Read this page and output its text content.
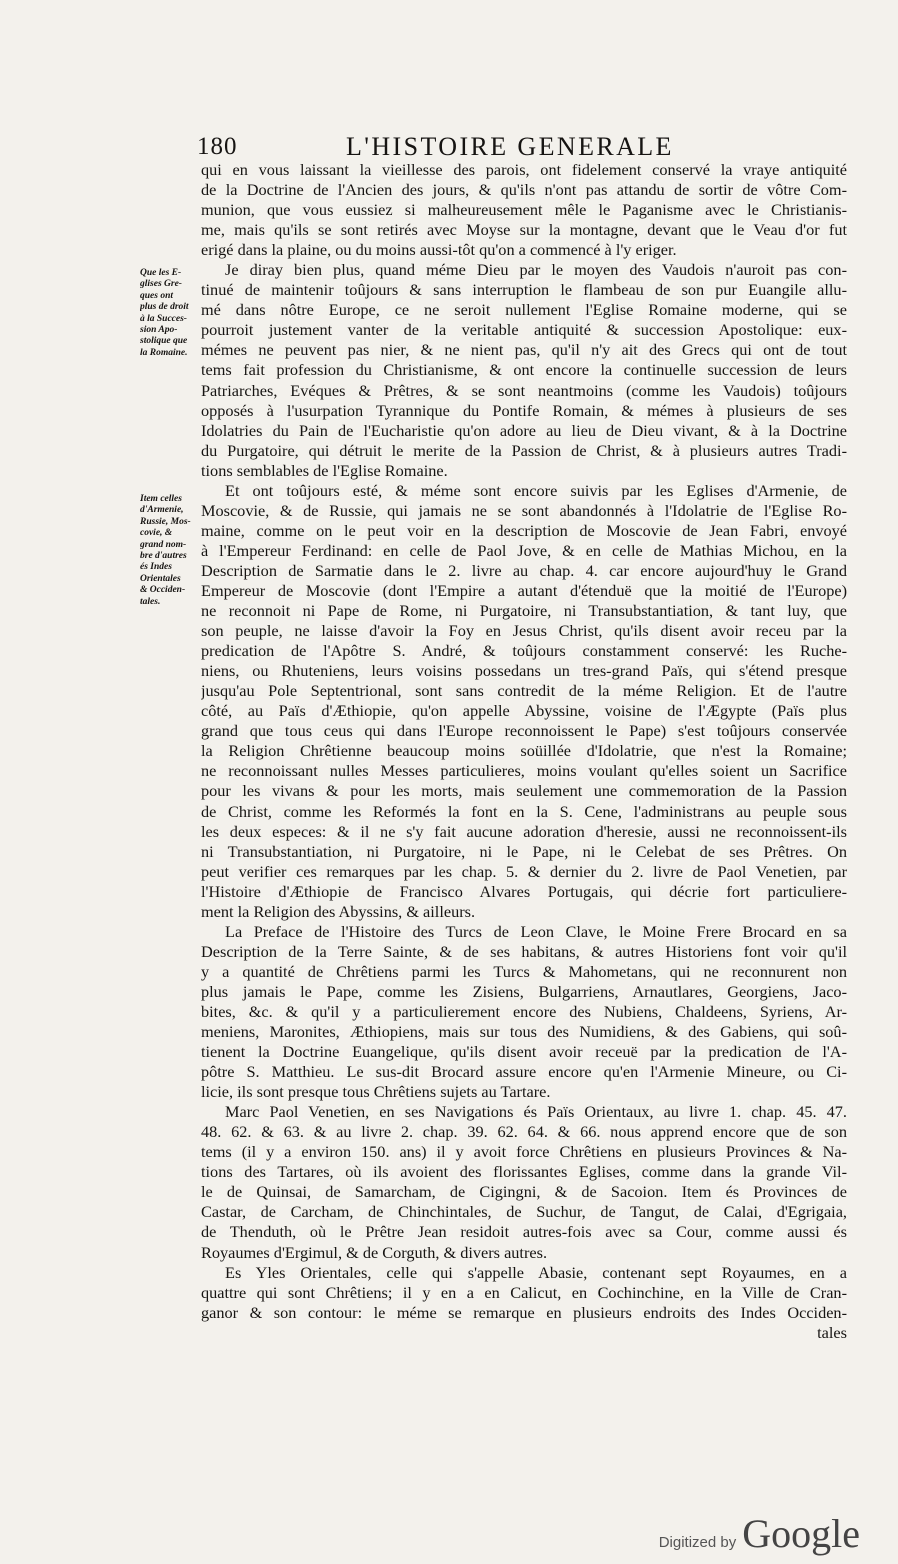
180	L'HISTOIRE GENERALE
Que les E-
glises Gre-
ques ont
plus de droit
à la Succes-
sion Apo-
stolique que
la Romaine.
Item celles
d'Armenie,
Russie, Mos-
covie, &
grand nom-
bre d'autres
és Indes
Orientales
& Occiden-
tales.
qui en vous laissant la vieillesse des parois, ont fidelement conservé la vraye antiquité
de la Doctrine de l'Ancien des jours, & qu'ils n'ont pas attandu de sortir de vôtre Com-
munion, que vous eussiez si malheureusement mêle le Paganisme avec le Christianis-
me, mais qu'ils se sont retirés avec Moyse sur la montagne, devant que le Veau d'or fut
erigé dans la plaine, ou du moins aussi-tôt qu'on a commencé à l'y eriger.
Je diray bien plus, quand méme Dieu par le moyen des Vaudois n'auroit pas con-
tinué de maintenir toûjours & sans interruption le flambeau de son pur Euangile allu-
mé dans nôtre Europe, ce ne seroit nullement l'Eglise Romaine moderne, qui se
pourroit justement vanter de la veritable antiquité & succession Apostolique: eux-
mémes ne peuvent pas nier, & ne nient pas, qu'il n'y ait des Grecs qui ont de tout
tems fait profession du Christianisme, & ont encore la continuelle succession de leurs
Patriarches, Evéques & Prêtres, & se sont neantmoins (comme les Vaudois) toûjours
opposés à l'usurpation Tyrannique du Pontife Romain, & mémes à plusieurs de ses
Idolatries du Pain de l'Eucharistie qu'on adore au lieu de Dieu vivant, & à la Doctrine
du Purgatoire, qui détruit le merite de la Passion de Christ, & à plusieurs autres Tradi-
tions semblables de l'Eglise Romaine.
Et ont toûjours esté, & méme sont encore suivis par les Eglises d'Armenie, de
Moscovie, & de Russie, qui jamais ne se sont abandonnés à l'Idolatrie de l'Eglise Ro-
maine, comme on le peut voir en la description de Moscovie de Jean Fabri, envoyé
à l'Empereur Ferdinand: en celle de Paol Jove, & en celle de Mathias Michou, en la
Description de Sarmatie dans le 2. livre au chap. 4. car encore aujourd'huy le Grand
Empereur de Moscovie (dont l'Empire a autant d'étenduë que la moitié de l'Europe)
ne reconnoit ni Pape de Rome, ni Purgatoire, ni Transubstantiation, & tant luy, que
son peuple, ne laisse d'avoir la Foy en Jesus Christ, qu'ils disent avoir receu par la
predication de l'Apôtre S. André, & toûjours constamment conservé: les Ruche-
niens, ou Rhuteniens, leurs voisins possedans un tres-grand Païs, qui s'étend presque
jusqu'au Pole Septentrional, sont sans contredit de la méme Religion. Et de l'autre
côté, au Païs d'Æthiopie, qu'on appelle Abyssine, voisine de l'Ægypte (Païs plus
grand que tous ceus qui dans l'Europe reconnoissent le Pape) s'est toûjours conservée
la Religion Chrêtienne beaucoup moins soüillée d'Idolatrie, que n'est la Romaine;
ne reconnoissant nulles Messes particulieres, moins voulant qu'elles soient un Sacrifice
pour les vivans & pour les morts, mais seulement une commemoration de la Passion
de Christ, comme les Reformés la font en la S. Cene, l'administrans au peuple sous
les deux especes: & il ne s'y fait aucune adoration d'heresie, aussi ne reconnoissent-ils
ni Transubstantiation, ni Purgatoire, ni le Pape, ni le Celebat de ses Prêtres. On
peut verifier ces remarques par les chap. 5. & dernier du 2. livre de Paol Venetien, par
l'Histoire d'Æthiopie de Francisco Alvares Portugais, qui décrie fort particuliere-
ment la Religion des Abyssins, & ailleurs.
La Preface de l'Histoire des Turcs de Leon Clave, le Moine Frere Brocard en sa
Description de la Terre Sainte, & de ses habitans, & autres Historiens font voir qu'il
y a quantité de Chrêtiens parmi les Turcs & Mahometans, qui ne reconnurent non
plus jamais le Pape, comme les Zisiens, Bulgarriens, Arnautlares, Georgiens, Jaco-
bites, &c. & qu'il y a particulierement encore des Nubiens, Chaldeens, Syriens, Ar-
meniens, Maronites, Æthiopiens, mais sur tous des Numidiens, & des Gabiens, qui soû-
tienent la Doctrine Euangelique, qu'ils disent avoir receuë par la predication de l'A-
pôtre S. Matthieu. Le sus-dit Brocard assure encore qu'en l'Armenie Mineure, ou Ci-
licie, ils sont presque tous Chrêtiens sujets au Tartare.
Marc Paol Venetien, en ses Navigations és Païs Orientaux, au livre 1. chap. 45. 47.
48. 62. & 63. & au livre 2. chap. 39. 62. 64. & 66. nous apprend encore que de son
tems (il y a environ 150. ans) il y avoit force Chrêtiens en plusieurs Provinces & Na-
tions des Tartares, où ils avoient des florissantes Eglises, comme dans la grande Vil-
le de Quinsai, de Samarcham, de Cigingni, & de Sacoion. Item és Provinces de
Castar, de Carcham, de Chinchintales, de Suchur, de Tangut, de Calai, d'Egrigaia,
de Thenduth, où le Prêtre Jean residoit autres-fois avec sa Cour, comme aussi és
Royaumes d'Ergimul, & de Corguth, & divers autres.
Es Yles Orientales, celle qui s'appelle Abasie, contenant sept Royaumes, en a
quattre qui sont Chrêtiens; il y en a en Calicut, en Cochinchine, en la Ville de Cran-
ganor & son contour: le méme se remarque en plusieurs endroits des Indes Occiden-
tales
Digitized by Google
